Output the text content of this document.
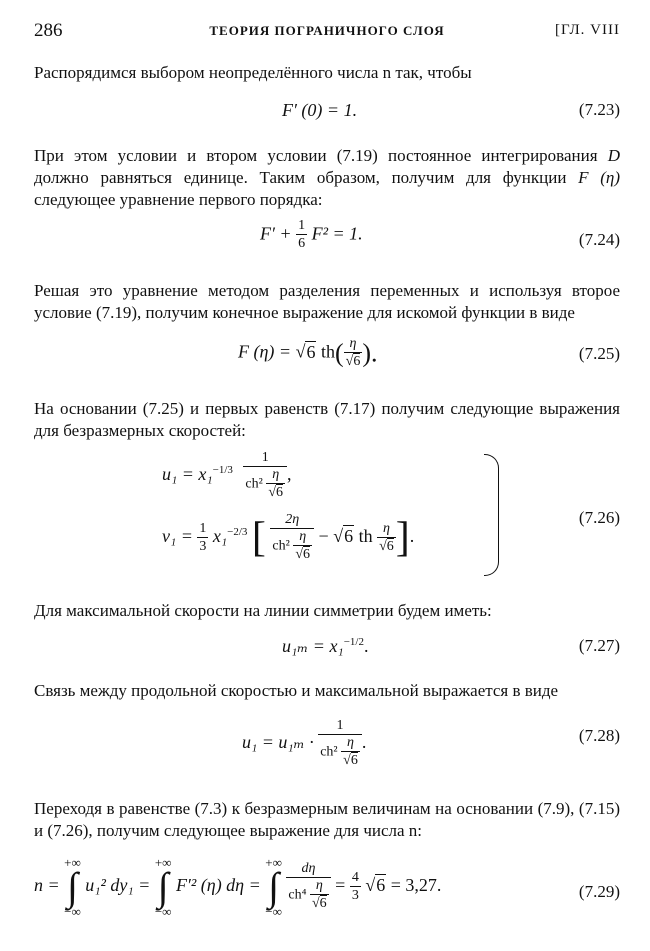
286	ТЕОРИЯ ПОГРАНИЧНОГО СЛОЯ	[ГЛ. VIII
Распорядимся выбором неопределённого числа n так, чтобы
F′ (0) = 1.	(7.23)
При этом условии и втором условии (7.19) постоянное интегрирования D должно равняться единице. Таким образом, получим для функции F (η) следующее уравнение первого порядка:
$F' + \frac{1}{6} F^2 = 1$.	(7.24)
Решая это уравнение методом разделения переменных и используя второе условие (7.19), получим конечное выражение для искомой функции в виде
F (η) = √6 $th( \frac{\eta}{√6}$ ).	(7.25)
На основании (7.25) и первых равенств (7.17) получим следующие выражения для безразмерных скоростей:
$u_1 = x_1^{-1/3} \frac{1}{ch^2 \frac{\eta}{√6}}$ ,
$v_1 = \frac{1}{3} x_1^{-2/3}$ [ $\frac{2\eta}{ch^2 \frac{\eta}{√6}} - √6$ th $\frac{\eta}{√6}$ ].
(7.26)
Для максимальной скорости на линии симметрии будем иметь:
u₁ₘ = x₁$^{-1/2}$.	(7.27)
Связь между продольной скоростью и максимальной выражается в виде
$u_1 = u_{1m} \cdot \frac{1}{ch^2 \frac{\eta}{√6}}$ .	(7.28)
Переходя в равенстве (7.3) к безразмерным величинам на основании (7.9), (7.15) и (7.26), получим следующее выражение для числа n:
n =
+∞
∫
−∞
u₁² dy₁ =
+∞
∫
−∞
F′² (η) dη =
+∞
∫
−∞
$\frac{d\eta}{ch^4 \frac{\eta}{√6}} = \frac{4}{3} √6 = 3,27$.	(7.29)
